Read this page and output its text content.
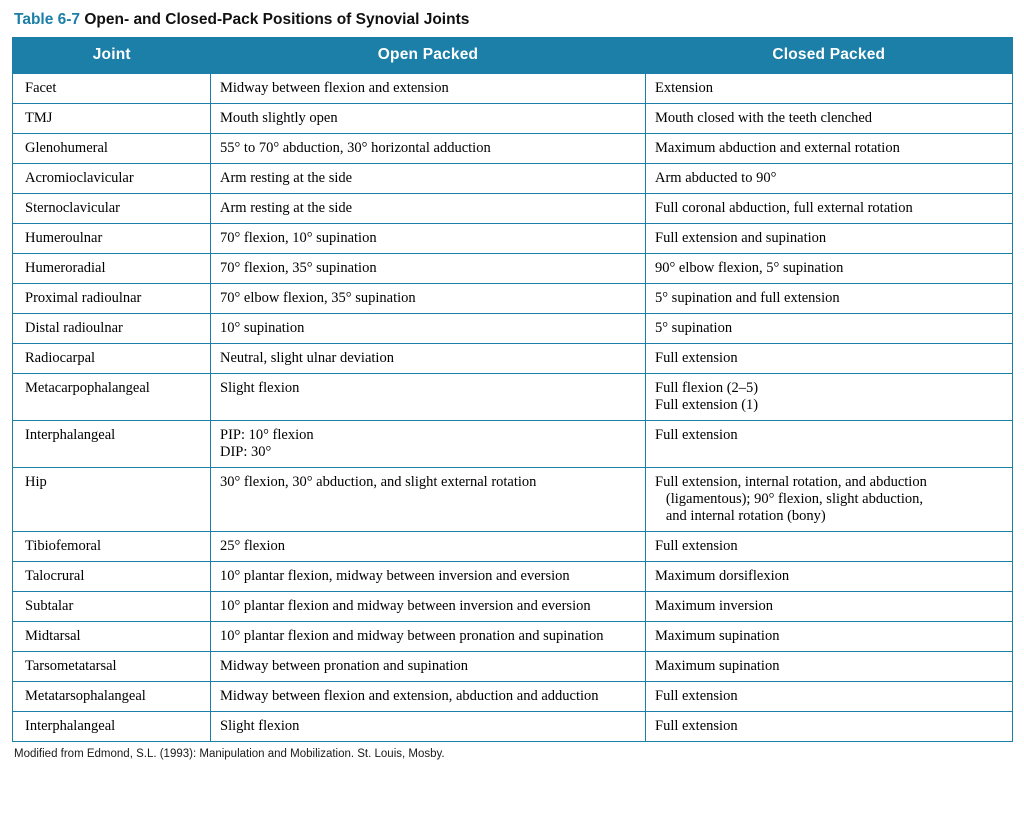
Table 6-7 Open- and Closed-Pack Positions of Synovial Joints
Joint	Open Packed	Closed Packed

Facet	Midway between flexion and extension	Extension

TMJ	Mouth slightly open	Mouth closed with the teeth clenched

Glenohumeral	55° to 70° abduction, 30° horizontal adduction	Maximum abduction and external rotation

Acromioclavicular	Arm resting at the side	Arm abducted to 90°

Sternoclavicular	Arm resting at the side	Full coronal abduction, full external rotation

Humeroulnar	70° flexion, 10° supination	Full extension and supination

Humeroradial	70° flexion, 35° supination	90° elbow flexion, 5° supination

Proximal radioulnar	70° elbow flexion, 35° supination	5° supination and full extension

Distal radioulnar	10° supination	5° supination

Radiocarpal	Neutral, slight ulnar deviation	Full extension

Metacarpophalangeal	Slight flexion	Full flexion (2–5)
Full extension (1)

Interphalangeal	PIP: 10° flexion
DIP: 30°	Full extension

Hip	30° flexion, 30° abduction, and slight external rotation	Full extension, internal rotation, and abduction
(ligamentous); 90° flexion, slight abduction,
and internal rotation (bony)

Tibiofemoral	25° flexion	Full extension

Talocrural	10° plantar flexion, midway between inversion and eversion	Maximum dorsiflexion

Subtalar	10° plantar flexion and midway between inversion and eversion	Maximum inversion

Midtarsal	10° plantar flexion and midway between pronation and supination	Maximum supination

Tarsometatarsal	Midway between pronation and supination	Maximum supination

Metatarsophalangeal	Midway between flexion and extension, abduction and adduction	Full extension

Interphalangeal	Slight flexion	Full extension
Modified from Edmond, S.L. (1993): Manipulation and Mobilization. St. Louis, Mosby.
